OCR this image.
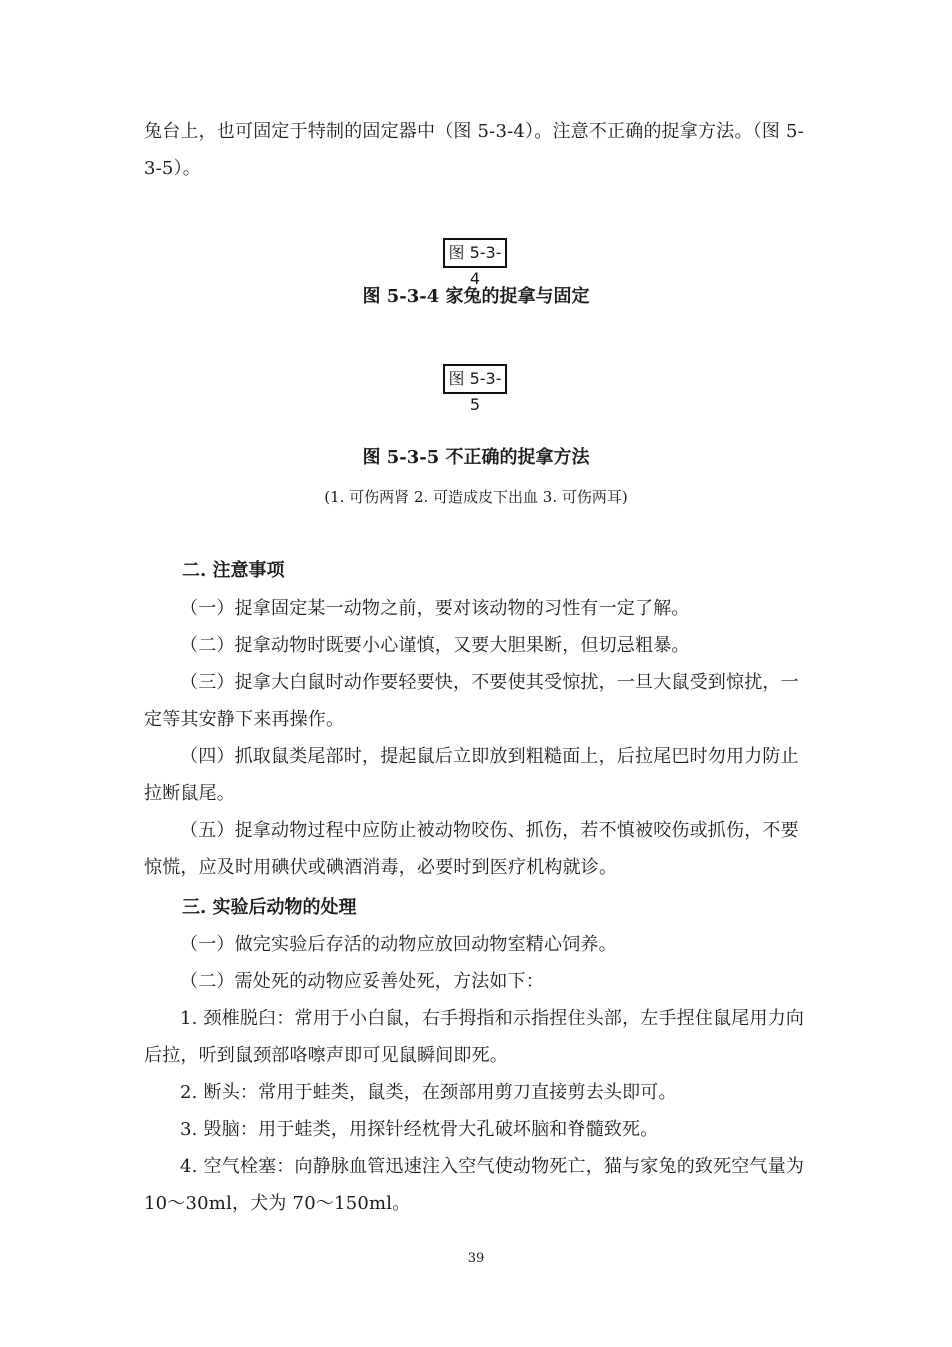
兔台上，也可固定于特制的固定器中（图 5-3-4）。注意不正确的捉拿方法。（图 5-3-5）。

图 5-3-4
图 5-3-4 家兔的捉拿与固定
图 5-3-5
图 5-3-5 不正确的捉拿方法
(1. 可伤两肾 2. 可造成皮下出血 3. 可伤两耳)
二. 注意事项

（一）捉拿固定某一动物之前，要对该动物的习性有一定了解。

（二）捉拿动物时既要小心谨慎，又要大胆果断，但切忌粗暴。

（三）捉拿大白鼠时动作要轻要快，不要使其受惊扰，一旦大鼠受到惊扰，一定等其安静下来再操作。

（四）抓取鼠类尾部时，提起鼠后立即放到粗糙面上，后拉尾巴时勿用力防止拉断鼠尾。

（五）捉拿动物过程中应防止被动物咬伤、抓伤，若不慎被咬伤或抓伤，不要惊慌，应及时用碘伏或碘酒消毒，必要时到医疗机构就诊。

三. 实验后动物的处理

（一）做完实验后存活的动物应放回动物室精心饲养。

（二）需处死的动物应妥善处死，方法如下：

1. 颈椎脱臼：常用于小白鼠，右手拇指和示指捏住头部，左手捏住鼠尾用力向后拉，听到鼠颈部咯嚓声即可见鼠瞬间即死。

2. 断头：常用于蛙类，鼠类，在颈部用剪刀直接剪去头即可。

3. 毁脑：用于蛙类，用探针经枕骨大孔破坏脑和脊髓致死。

4. 空气栓塞：向静脉血管迅速注入空气使动物死亡，猫与家兔的致死空气量为 10～30ml，犬为 70～150ml。

39
